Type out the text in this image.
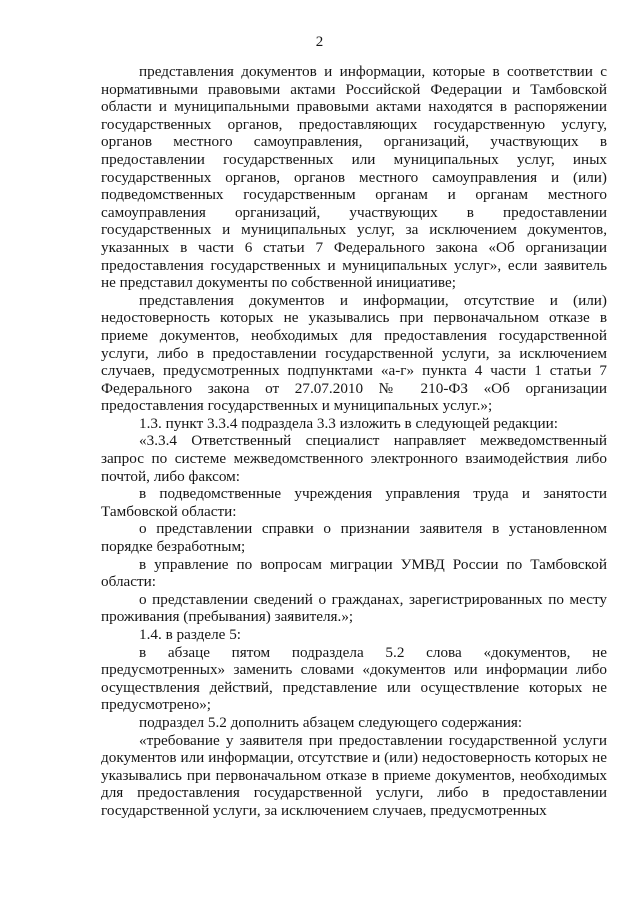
2

представления документов и информации, которые в соответствии с нормативными правовыми актами Российской Федерации и Тамбовской области и муниципальными правовыми актами находятся в распоряжении государственных органов, предоставляющих государственную услугу, органов местного самоуправления, организаций, участвующих в предоставлении государственных или муниципальных услуг, иных государственных органов, органов местного самоуправления и (или) подведомственных государственным органам и органам местного самоуправления организаций, участвующих в предоставлении государственных и муниципальных услуг, за исключением документов, указанных в части 6 статьи 7 Федерального закона «Об организации предоставления государственных и муниципальных услуг», если заявитель не представил документы по собственной инициативе;

представления документов и информации, отсутствие и (или) недостоверность которых не указывались при первоначальном отказе в приеме документов, необходимых для предоставления государственной услуги, либо в предоставлении государственной услуги, за исключением случаев, предусмотренных подпунктами «а-г» пункта 4 части 1 статьи 7 Федерального закона от 27.07.2010 № 210-ФЗ «Об организации предоставления государственных и муниципальных услуг.»;

1.3. пункт 3.3.4 подраздела 3.3 изложить в следующей редакции:

«3.3.4 Ответственный специалист направляет межведомственный запрос по системе межведомственного электронного взаимодействия либо почтой, либо факсом:

в подведомственные учреждения управления труда и занятости Тамбовской области:

о представлении справки о признании заявителя в установленном порядке безработным;

в управление по вопросам миграции УМВД России по Тамбовской области:

о представлении сведений о гражданах, зарегистрированных по месту проживания (пребывания) заявителя.»;

1.4. в разделе 5:

в абзаце пятом подраздела 5.2 слова «документов, не предусмотренных» заменить словами «документов или информации либо осуществления действий, представление или осуществление которых не предусмотрено»;

подраздел 5.2 дополнить абзацем следующего содержания:

«требование у заявителя при предоставлении государственной услуги документов или информации, отсутствие и (или) недостоверность которых не указывались при первоначальном отказе в приеме документов, необходимых для предоставления государственной услуги, либо в предоставлении государственной услуги, за исключением случаев, предусмотренных
